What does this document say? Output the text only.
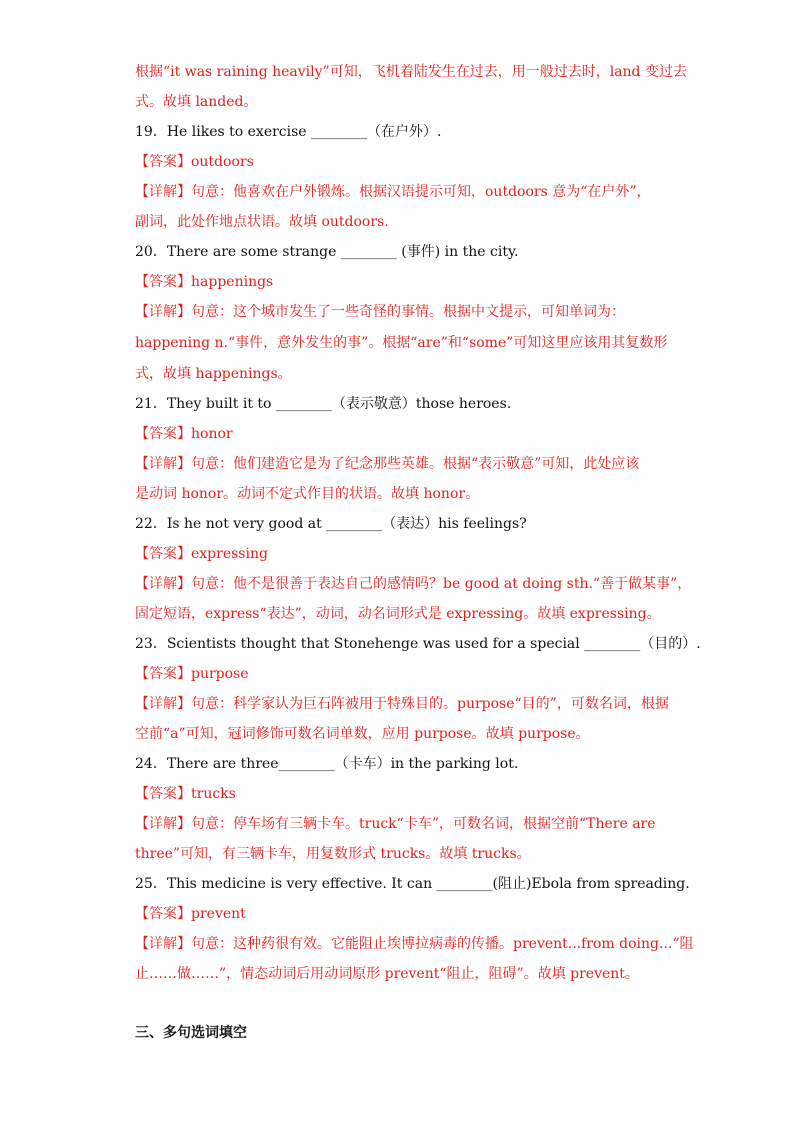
根据“it was raining heavily”可知，飞机着陆发生在过去，用一般过去时，land 变过去
式。故填 landed。
19．He likes to exercise ________（在户外）.
【答案】outdoors
【详解】句意：他喜欢在户外锻炼。根据汉语提示可知，outdoors 意为“在户外”，
副词，此处作地点状语。故填 outdoors.
20．There are some strange ________ (事件) in the city.
【答案】happenings
【详解】句意：这个城市发生了一些奇怪的事情。根据中文提示，可知单词为：
happening n.“事件，意外发生的事”。根据“are”和“some”可知这里应该用其复数形
式，故填 happenings。
21．They built it to ________（表示敬意）those heroes.
【答案】honor
【详解】句意：他们建造它是为了纪念那些英雄。根据“表示敬意”可知，此处应该
是动词 honor。动词不定式作目的状语。故填 honor。
22．Is he not very good at ________（表达）his feelings?
【答案】expressing
【详解】句意：他不是很善于表达自己的感情吗？be good at doing sth.“善于做某事”，
固定短语，express“表达”，动词，动名词形式是 expressing。故填 expressing。
23．Scientists thought that Stonehenge was used for a special ________（目的）.
【答案】purpose
【详解】句意：科学家认为巨石阵被用于特殊目的。purpose“目的”，可数名词，根据
空前“a”可知，冠词修饰可数名词单数，应用 purpose。故填 purpose。
24．There are three________（卡车）in the parking lot.
【答案】trucks
【详解】句意：停车场有三辆卡车。truck“卡车”，可数名词，根据空前“There are
three”可知，有三辆卡车，用复数形式 trucks。故填 trucks。
25．This medicine is very effective. It can ________(阻止)Ebola from spreading.
【答案】prevent
【详解】句意：这种药很有效。它能阻止埃博拉病毒的传播。prevent...from doing...“阻
止……做……”，情态动词后用动词原形 prevent“阻止，阻碍”。故填 prevent。
三、多句选词填空
